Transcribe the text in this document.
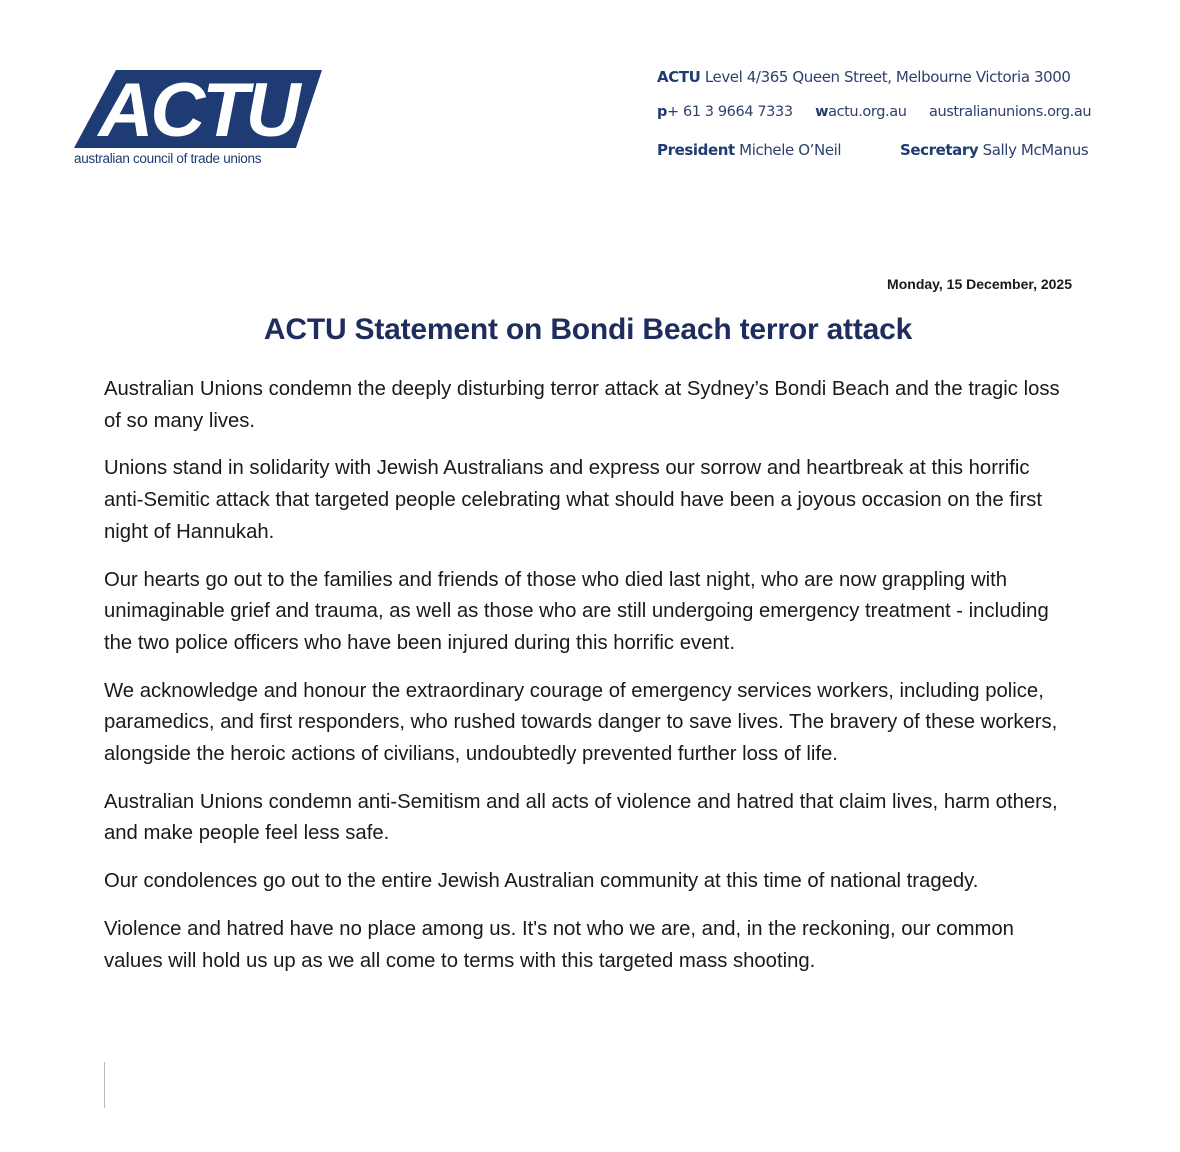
ACTU
australian council of trade unions
ACTU Level 4/365 Queen Street, Melbourne Victoria 3000
p+ 61 3 9664 7333 wactu.org.au australianunions.org.au
President Michele O’Neil	Secretary Sally McManus
Monday, 15 December, 2025
ACTU Statement on Bondi Beach terror attack

Australian Unions condemn the deeply disturbing terror attack at Sydney’s Bondi Beach and the tragic loss of so many lives.

Unions stand in solidarity with Jewish Australians and express our sorrow and heartbreak at this horrific anti-Semitic attack that targeted people celebrating what should have been a joyous occasion on the first night of Hannukah.

Our hearts go out to the families and friends of those who died last night, who are now grappling with unimaginable grief and trauma, as well as those who are still undergoing emergency treatment - including the two police officers who have been injured during this horrific event.

We acknowledge and honour the extraordinary courage of emergency services workers, including police, paramedics, and first responders, who rushed towards danger to save lives. The bravery of these workers, alongside the heroic actions of civilians, undoubtedly prevented further loss of life.

Australian Unions condemn anti-Semitism and all acts of violence and hatred that claim lives, harm others, and make people feel less safe.

Our condolences go out to the entire Jewish Australian community at this time of national tragedy.

Violence and hatred have no place among us. It's not who we are, and, in the reckoning, our common values will hold us up as we all come to terms with this targeted mass shooting.
